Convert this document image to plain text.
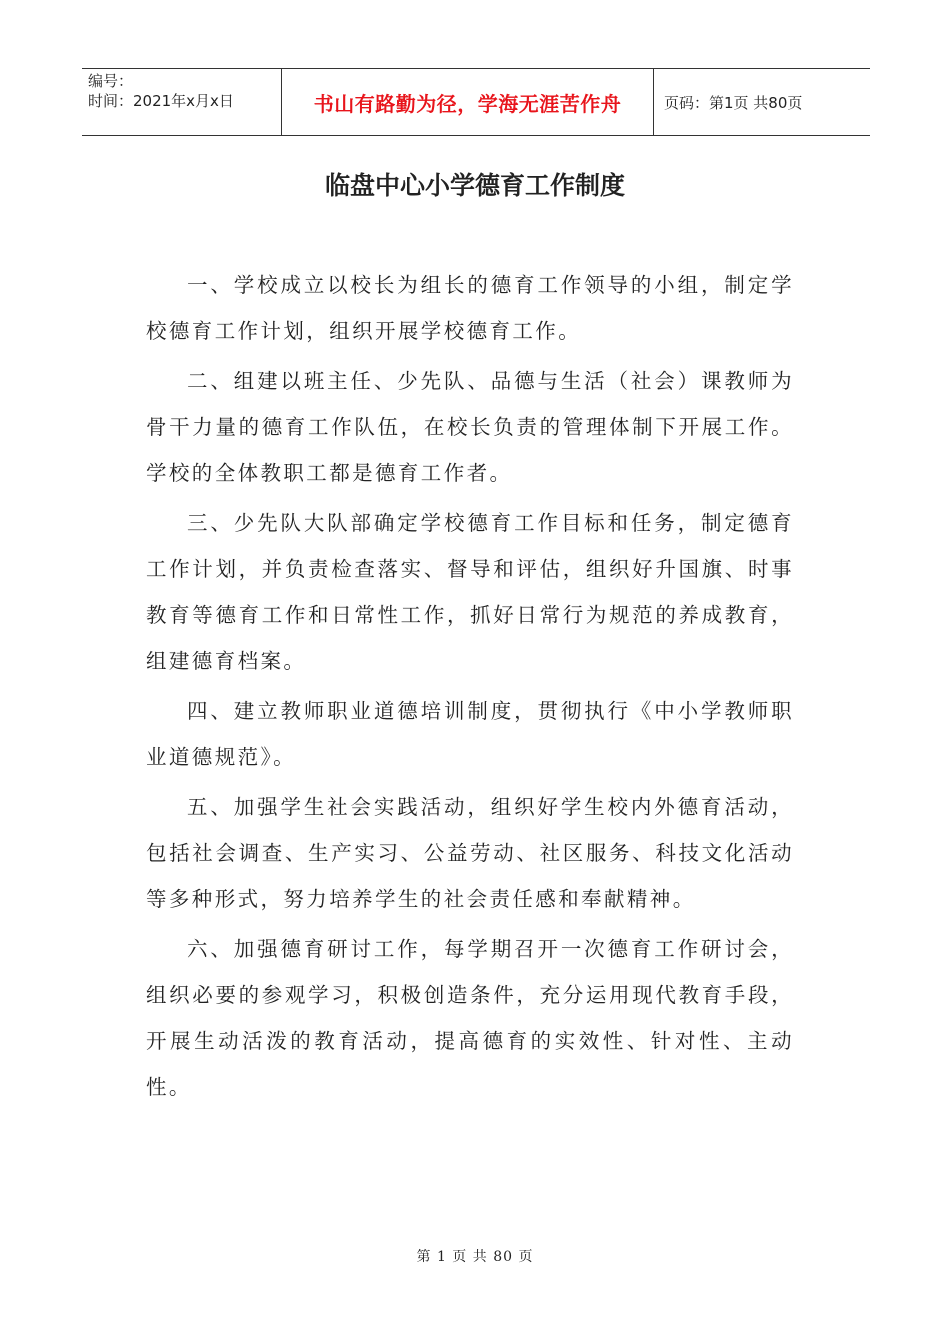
编号：
时间：2021年x月x日	书山有路勤为径，学海无涯苦作舟	页码：第1页 共80页
临盘中心小学德育工作制度

一、学校成立以校长为组长的德育工作领导的小组，制定学校德育工作计划，组织开展学校德育工作。

二、组建以班主任、少先队、品德与生活（社会）课教师为骨干力量的德育工作队伍，在校长负责的管理体制下开展工作。学校的全体教职工都是德育工作者。

三、少先队大队部确定学校德育工作目标和任务，制定德育工作计划，并负责检查落实、督导和评估，组织好升国旗、时事教育等德育工作和日常性工作，抓好日常行为规范的养成教育，组建德育档案。

四、建立教师职业道德培训制度，贯彻执行《中小学教师职业道德规范》。

五、加强学生社会实践活动，组织好学生校内外德育活动，包括社会调查、生产实习、公益劳动、社区服务、科技文化活动等多种形式，努力培养学生的社会责任感和奉献精神。

六、加强德育研讨工作，每学期召开一次德育工作研讨会，组织必要的参观学习，积极创造条件，充分运用现代教育手段，开展生动活泼的教育活动，提高德育的实效性、针对性、主动性。

第 1 页 共 80 页
